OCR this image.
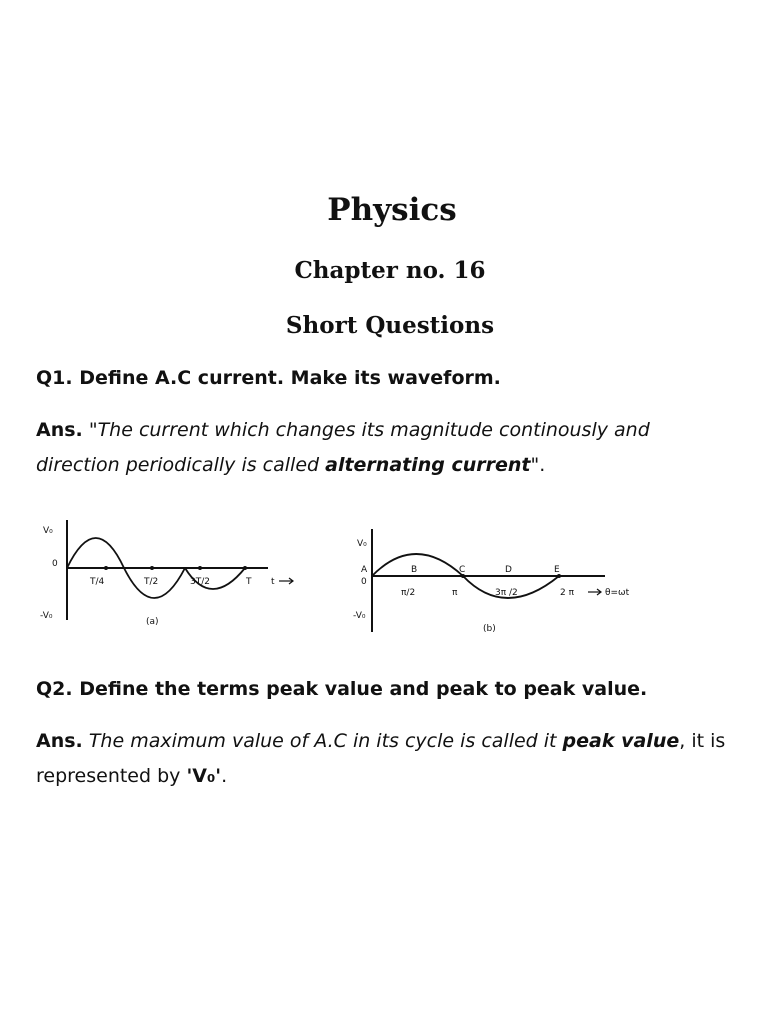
Physics
Chapter no. 16
Short Questions
Q1. Define A.C current. Make its waveform.
Ans. "The current which changes its magnitude continously and direction periodically is called alternating current".
V₀
0
-V₀
T/4	T/2	3T/2	T t
(a)
V₀
A
0
-V₀
B	C	D	E
π/2	π	3π /2	2 π	θ=ωt
(b)
Q2. Define the terms peak value and peak to peak value.
Ans. The maximum value of A.C in its cycle is called it peak value, it is represented by 'V₀'.
